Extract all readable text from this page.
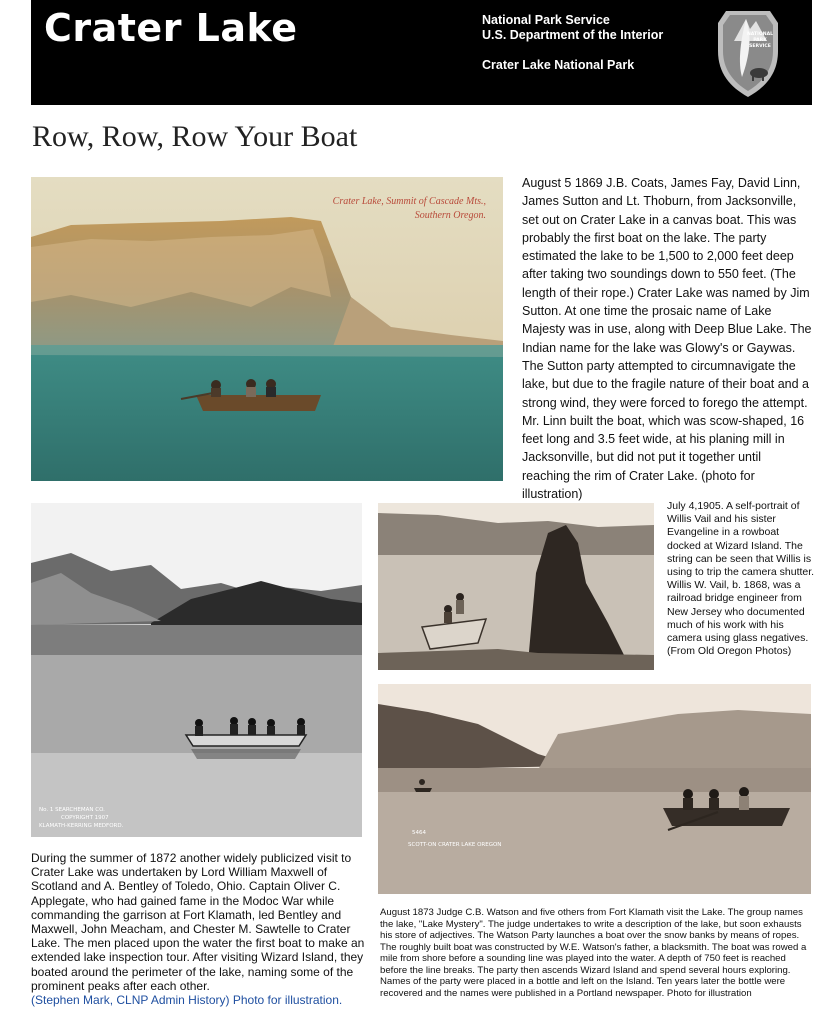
Crater Lake	National Park Service
U.S. Department of the Interior
Crater Lake National Park
NATIONAL
PARK
SERVICE
Row, Row, Row Your Boat
Crater Lake, Summit of Cascade Mts.,
Southern Oregon.
August 5 1869 J.B. Coats, James Fay, David Linn, James Sutton and Lt. Thoburn, from Jacksonville, set out on Crater Lake in a canvas boat. This was probably the first boat on the lake. The party estimated the lake to be 1,500 to 2,000 feet deep after taking two soundings down to 550 feet. (The length of their rope.) Crater Lake was named by Jim Sutton. At one time the prosaic name of Lake Majesty was in use, along with Deep Blue Lake. The Indian name for the lake was Glowy's or Gaywas. The Sutton party attempted to circumnavigate the lake, but due to the fragile nature of their boat and a strong wind, they were forced to forego the attempt. Mr. Linn built the boat, which was scow-shaped, 16 feet long and 3.5 feet wide, at his planing mill in Jacksonville, but did not put it together until reaching the rim of Crater Lake. (photo for illustration)
No. 1 SEARCHEMAN CO.
COPYRIGHT 1907
KLAMATH-KERRING MEDFORD.
July 4,1905. A self-portrait of Willis Vail and his sister Evangeline in a rowboat docked at Wizard Island. The string can be seen that Willis is using to trip the camera shutter. Willis W. Vail, b. 1868, was a railroad bridge engineer from New Jersey who documented much of his work with his camera using glass negatives. (From Old Oregon Photos)
5464
SCOTT-ON CRATER LAKE OREGON
During the summer of 1872 another widely publicized visit to Crater Lake was undertaken by Lord William Maxwell of Scotland and A. Bentley of Toledo, Ohio. Captain Oliver C. Applegate, who had gained fame in the Modoc War while commanding the garrison at Fort Klamath, led Bentley and Maxwell, John Meacham, and Chester M. Sawtelle to Crater Lake. The men placed upon the water the first boat to make an extended lake inspection tour. After visiting Wizard Island, they boated around the perimeter of the lake, naming some of the prominent peaks after each other.
(Stephen Mark, CLNP Admin History) Photo for illustration.
August 1873 Judge C.B. Watson and five others from Fort Klamath visit the Lake. The group names the lake, "Lake Mystery". The judge undertakes to write a description of the lake, but soon exhausts his store of adjectives. The Watson Party launches a boat over the snow banks by means of ropes. The roughly built boat was constructed by W.E. Watson's father, a blacksmith. The boat was rowed a mile from shore before a sounding line was played into the water. A depth of 750 feet is reached before the line breaks. The party then ascends Wizard Island and spend several hours exploring. Names of the party were placed in a bottle and left on the Island. Ten years later the bottle were recovered and the names were published in a Portland newspaper. Photo for illustration
